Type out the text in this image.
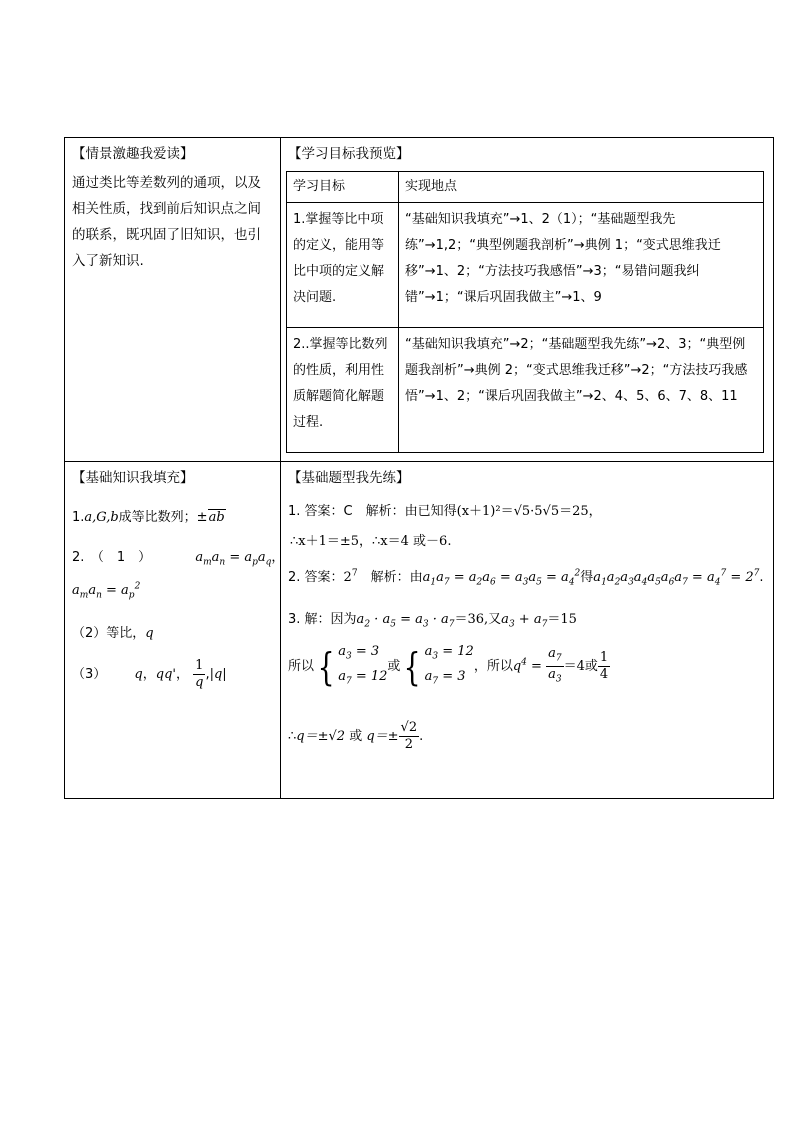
【情景激趣我爱读】
通过类比等差数列的通项，以及相关性质，找到前后知识点之间的联系，既巩固了旧知识，也引入了新知识.
【学习目标我预览】
学习目标	实现地点
1.掌握等比中项的定义，能用等比中项的定义解决问题.	“基础知识我填充”→1、2（1）；“基础题型我先练”→1,2；“典型例题我剖析”→典例 1；“变式思维我迁移”→1、2；“方法技巧我感悟”→3；“易错问题我纠错”→1；“课后巩固我做主”→1、9
2..掌握等比数列的性质，利用性质解题简化解题过程.	“基础知识我填充”→2；“基础题型我先练”→2、3；“典型例题我剖析”→典例 2；“变式思维我迁移”→2；“方法技巧我感悟”→1、2；“课后巩固我做主”→2、4、5、6、7、8、11
【基础知识我填充】
1.a,G,b成等比数列；±ab
2.　（　1　）	$a_ma_n = a_pa_q$，
$a_ma_n = a_p^2$
（2）等比，q
（3） q，qq'， $\frac{1}{q} ,|q|$
【基础题型我先练】
1. 答案：C　解析：由已知得(x＋1)²＝√5·5√5＝25，
∴x＋1＝±5，∴x＝4 或－6.
2. 答案：$2^7$　解析：由$a_1a_7 = a_2a_6 = a_3a_5 = a_4^2$得$a_1a_2a_3a_4a_5a_6a_7 = a_4^7 = 2^7$.
3. 解：因为$a_2 \cdot a_5 = a_3 \cdot a_7=36$,又$a_3 + a_7=15$
所以{ $a_3 = 3$
$a_7 = 12$
或{ $a_3 = 12$
$a_7 = 3$
，所以$q^4 = \frac{a_7}{a_3} =4$或 $\frac{1}{4}$
∴q＝±√2 或 $q=\pm \frac{√2}{2}$ .
